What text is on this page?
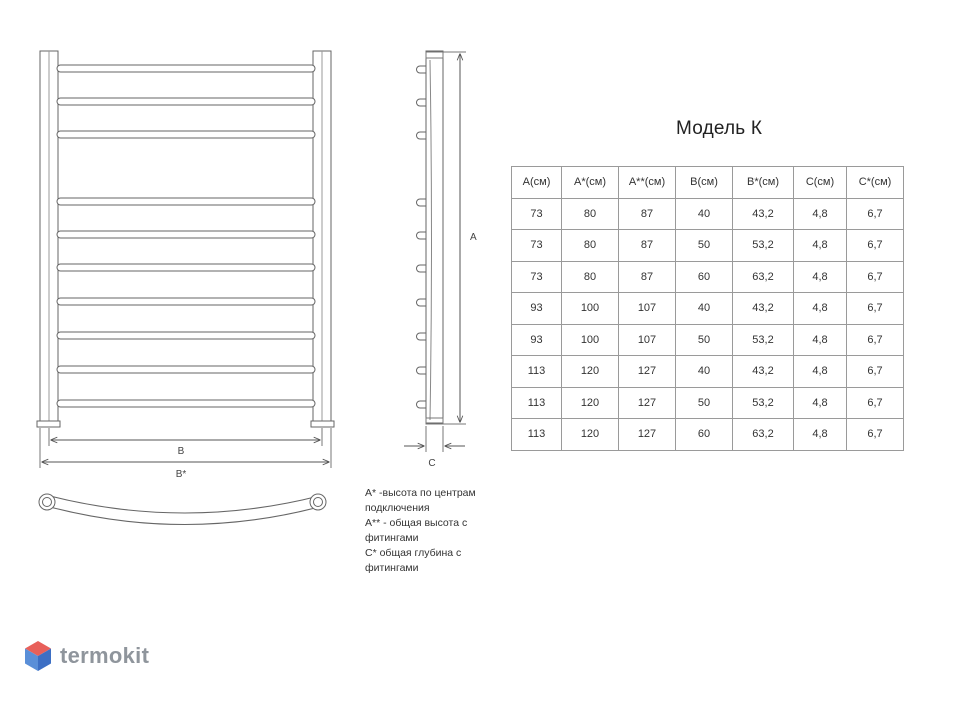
B
B*
A
C
Модель К
A(см)	A*(см)	A**(см)	B(см)	B*(см)	C(см)	C*(см)
73	80	87	40	43,2	4,8	6,7
73	80	87	50	53,2	4,8	6,7
73	80	87	60	63,2	4,8	6,7
93	100	107	40	43,2	4,8	6,7
93	100	107	50	53,2	4,8	6,7
113	120	127	40	43,2	4,8	6,7
113	120	127	50	53,2	4,8	6,7
113	120	127	60	63,2	4,8	6,7
A* -высота по центрам
подключения
A** - общая высота с
фитингами
C* общая глубина с
фитингами
termokit
